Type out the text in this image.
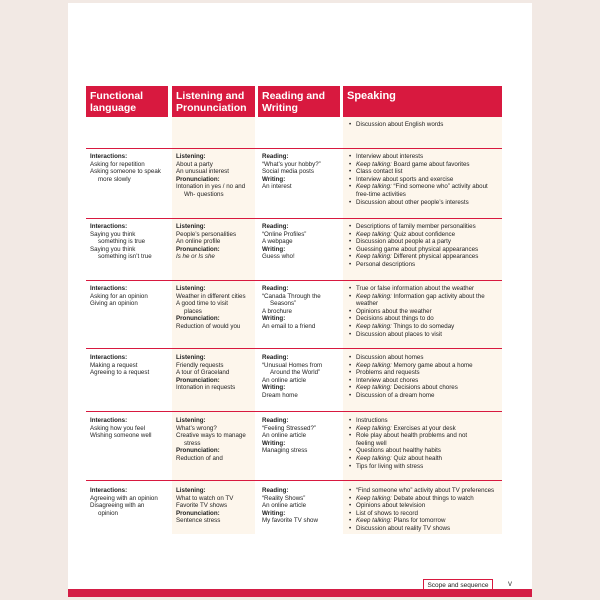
Functional language
Listening and Pronunciation
Reading and Writing
Speaking
• Discussion about English words
Interactions:
Asking for repetition
Asking someone to speak
more slowly
Listening:
About a party
An unusual interest
Pronunciation:
Intonation in yes / no and
Wh- questions
Reading:
“What’s your hobby?”
Social media posts
Writing:
An interest
• Interview about interests
• Keep talking: Board game about favorites
• Class contact list
• Interview about sports and exercise
• Keep talking: “Find someone who” activity about
free-time activities
• Discussion about other people’s interests
Interactions:
Saying you think
something is true
Saying you think
something isn’t true
Listening:
People’s personalities
An online profile
Pronunciation:
Is he or Is she
Reading:
“Online Profiles”
A webpage
Writing:
Guess who!
• Descriptions of family member personalities
• Keep talking: Quiz about confidence
• Discussion about people at a party
• Guessing game about physical appearances
• Keep talking: Different physical appearances
• Personal descriptions
Interactions:
Asking for an opinion
Giving an opinion
Listening:
Weather in different cities
A good time to visit
places
Pronunciation:
Reduction of would you
Reading:
“Canada Through the
Seasons”
A brochure
Writing:
An email to a friend
• True or false information about the weather
• Keep talking: Information gap activity about the
weather
• Opinions about the weather
• Decisions about things to do
• Keep talking: Things to do someday
• Discussion about places to visit
Interactions:
Making a request
Agreeing to a request
Listening:
Friendly requests
A tour of Graceland
Pronunciation:
Intonation in requests
Reading:
“Unusual Homes from
Around the World”
An online article
Writing:
Dream home
• Discussion about homes
• Keep talking: Memory game about a home
• Problems and requests
• Interview about chores
• Keep talking: Decisions about chores
• Discussion of a dream home
Interactions:
Asking how you feel
Wishing someone well
Listening:
What’s wrong?
Creative ways to manage
stress
Pronunciation:
Reduction of and
Reading:
“Feeling Stressed?”
An online article
Writing:
Managing stress
• Instructions
• Keep talking: Exercises at your desk
• Role play about health problems and not
feeling well
• Questions about healthy habits
• Keep talking: Quiz about health
• Tips for living with stress
Interactions:
Agreeing with an opinion
Disagreeing with an
opinion
Listening:
What to watch on TV
Favorite TV shows
Pronunciation:
Sentence stress
Reading:
“Reality Shows”
An online article
Writing:
My favorite TV show
• “Find someone who” activity about TV preferences
• Keep talking: Debate about things to watch
• Opinions about television
• List of shows to record
• Keep talking: Plans for tomorrow
• Discussion about reality TV shows
Scope and sequence	v
